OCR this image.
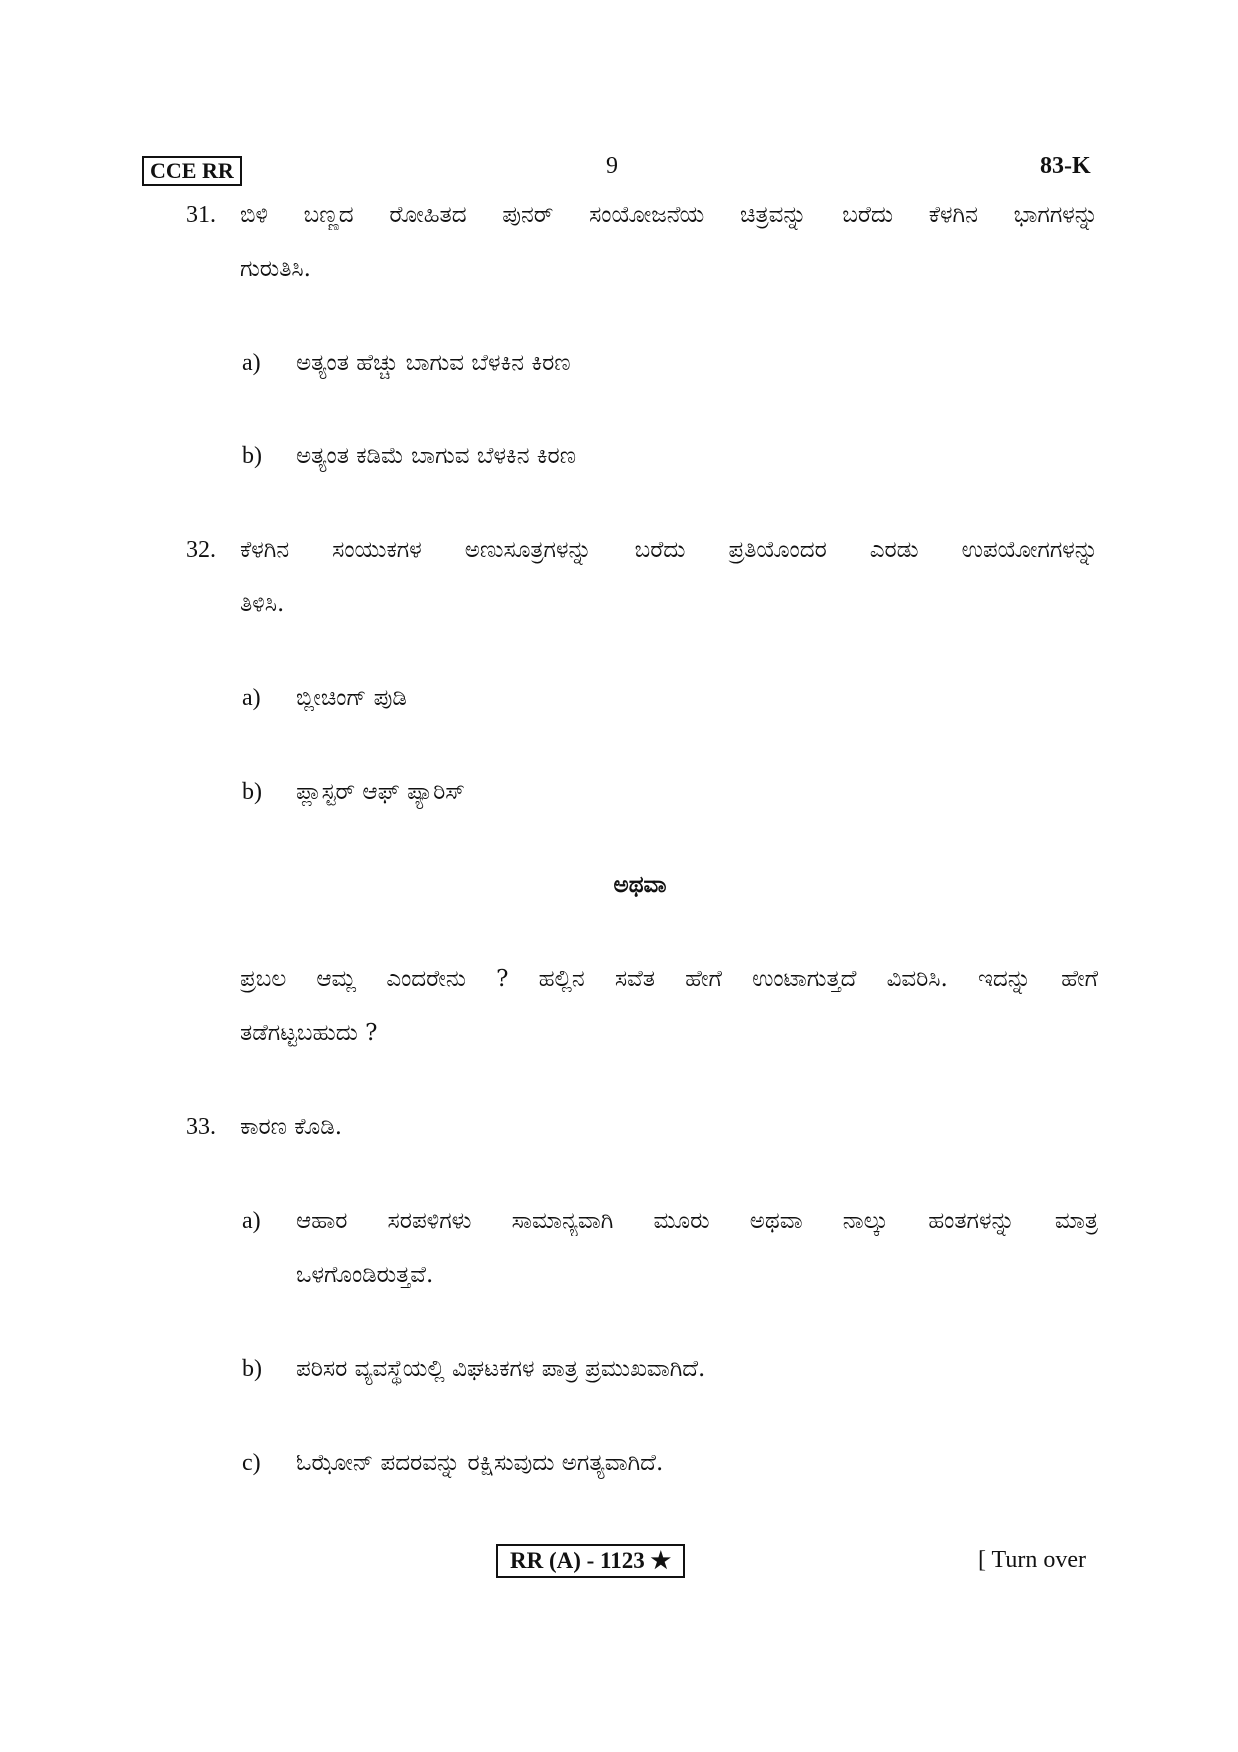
CCE RR	9	83-K
31. ಬಿಳಿ ಬಣ್ಣದ ರೋಹಿತದ ಪುನರ್ ಸಂಯೋಜನೆಯ ಚಿತ್ರವನ್ನು ಬರೆದು ಕೆಳಗಿನ ಭಾಗಗಳನ್ನು
ಗುರುತಿಸಿ.
a) ಅತ್ಯಂತ ಹೆಚ್ಚು ಬಾಗುವ ಬೆಳಕಿನ ಕಿರಣ
b) ಅತ್ಯಂತ ಕಡಿಮೆ ಬಾಗುವ ಬೆಳಕಿನ ಕಿರಣ
32. ಕೆಳಗಿನ ಸಂಯುಕಗಳ ಅಣುಸೂತ್ರಗಳನ್ನು ಬರೆದು ಪ್ರತಿಯೊಂದರ ಎರಡು ಉಪಯೋಗಗಳನ್ನು
ತಿಳಿಸಿ.
a) ಬ್ಲೀಚಿಂಗ್ ಪುಡಿ
b) ಪ್ಲಾಸ್ಟರ್ ಆಫ್ ಪ್ಯಾರಿಸ್
ಅಥವಾ
ಪ್ರಬಲ ಆಮ್ಲ ಎಂದರೇನು ? ಹಲ್ಲಿನ ಸವೆತ ಹೇಗೆ ಉಂಟಾಗುತ್ತದೆ ವಿವರಿಸಿ. ಇದನ್ನು ಹೇಗೆ
ತಡೆಗಟ್ಟಬಹುದು ?
33. ಕಾರಣ ಕೊಡಿ.
a) ಆಹಾರ ಸರಪಳಿಗಳು ಸಾಮಾನ್ಯವಾಗಿ ಮೂರು ಅಥವಾ ನಾಲ್ಕು ಹಂತಗಳನ್ನು ಮಾತ್ರ
ಒಳಗೊಂಡಿರುತ್ತವೆ.
b) ಪರಿಸರ ವ್ಯವಸ್ಥೆಯಲ್ಲಿ ವಿಘಟಕಗಳ ಪಾತ್ರ ಪ್ರಮುಖವಾಗಿದೆ.
c) ಓಝೋನ್ ಪದರವನ್ನು ರಕ್ಷಿಸುವುದು ಅಗತ್ಯವಾಗಿದೆ.
RR (A) - 1123 ★	[ Turn over
